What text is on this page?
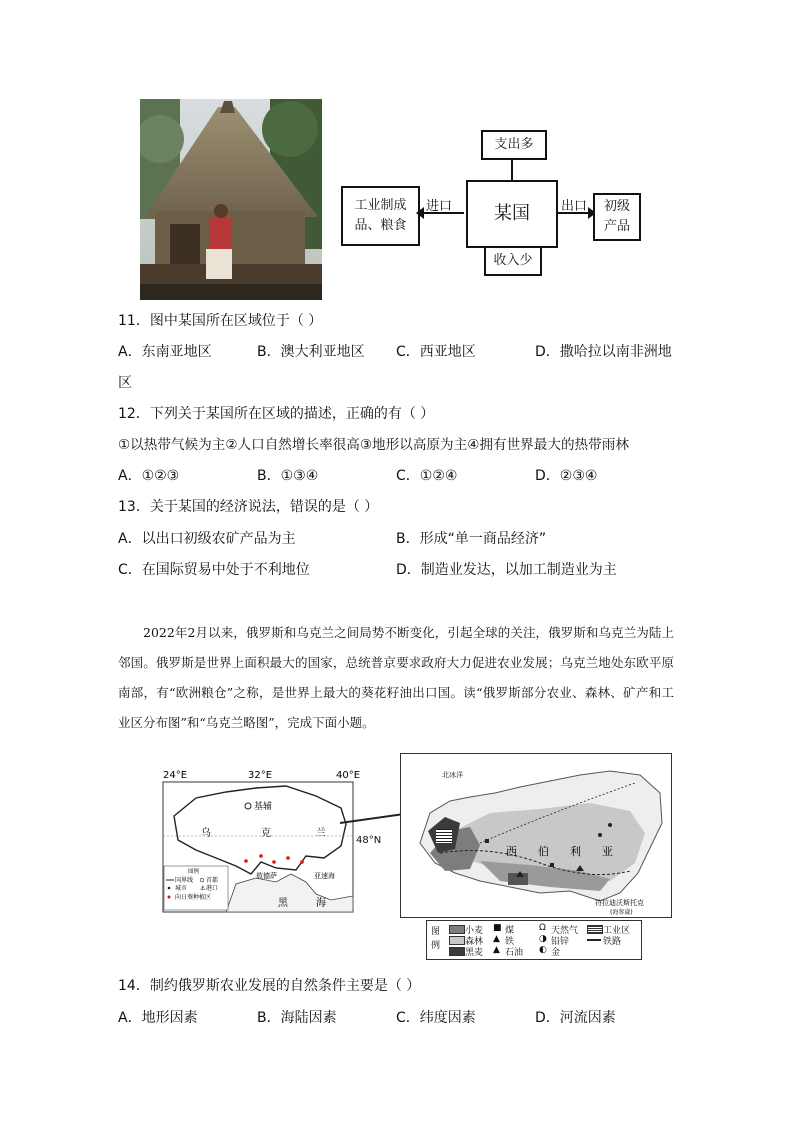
支出多
某国
收入少
工业制成
品、粮食
进口	出口 初级
产品
11．图中某国所在区域位于（ ）
A．东南亚地区	B．澳大利亚地区 C．西亚地区	D．撒哈拉以南非洲地
区
12．下列关于某国所在区域的描述，正确的有（ ）
①以热带气候为主②人口自然增长率很高③地形以高原为主④拥有世界最大的热带雨林
A．①②③	B．①③④	C．①②④	D．②③④
13．关于某国的经济说法，错误的是（ ）
A．以出口初级农矿产品为主	B．形成“单一商品经济”
C．在国际贸易中处于不利地位	D．制造业发达，以加工制造业为主
2022年2月以来，俄罗斯和乌克兰之间局势不断变化，引起全球的关注，俄罗斯和乌克兰为陆上邻国。俄罗斯是世界上面积最大的国家，总统普京要求政府大力促进农业发展；乌克兰地处东欧平原南部，有“欧洲粮仓”之称，是世界上最大的葵花籽油出口国。读“俄罗斯部分农业、森林、矿产和工业区分布图”和“乌克兰略图”，完成下面小题。
24°E	32°E	40°E
基辅
乌	克	兰
敖德萨	亚速海
黑	海
图例
国界线 首都
城市 ⚓ 港口
向日葵种植区
48°N
北冰洋
西 伯 利 亚
符拉迪沃斯托克
(海参崴)
图例
小麦
森林
黑麦
■ 煤
▲ 铁
▲ 石油
Ω 天然气
◑ 铅锌
◐ 金
工业区
铁路
14．制约俄罗斯农业发展的自然条件主要是（ ）
A．地形因素	B．海陆因素	C．纬度因素	D．河流因素
